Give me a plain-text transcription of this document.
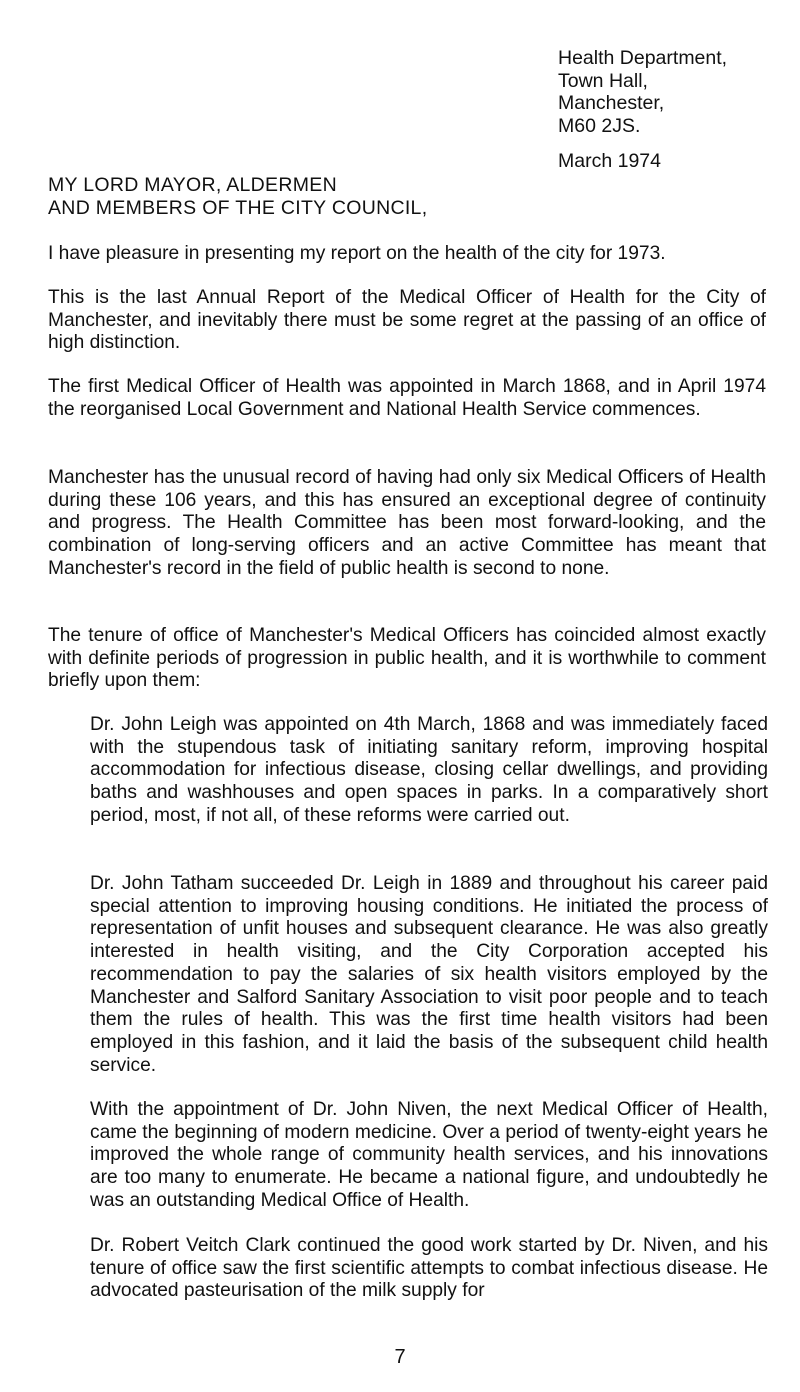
Health Department,
Town Hall,
Manchester,
M60 2JS.
March 1974
MY LORD MAYOR, ALDERMEN
AND MEMBERS OF THE CITY COUNCIL,

I have pleasure in presenting my report on the health of the city for 1973.

This is the last Annual Report of the Medical Officer of Health for the City of Manchester, and inevitably there must be some regret at the passing of an office of high distinction.

The first Medical Officer of Health was appointed in March 1868, and in April 1974 the reorganised Local Government and National Health Service commences.

Manchester has the unusual record of having had only six Medical Officers of Health during these 106 years, and this has ensured an exceptional degree of continuity and progress. The Health Committee has been most forward-looking, and the combination of long-serving officers and an active Committee has meant that Manchester's record in the field of public health is second to none.

The tenure of office of Manchester's Medical Officers has coincided almost exactly with definite periods of progression in public health, and it is worthwhile to comment briefly upon them:

Dr. John Leigh was appointed on 4th March, 1868 and was immediately faced with the stupendous task of initiating sanitary reform, improving hospital accommodation for infectious disease, closing cellar dwellings, and providing baths and washhouses and open spaces in parks. In a comparatively short period, most, if not all, of these reforms were carried out.

Dr. John Tatham succeeded Dr. Leigh in 1889 and throughout his career paid special attention to improving housing conditions. He initiated the process of representation of unfit houses and subsequent clearance. He was also greatly interested in health visiting, and the City Corporation accepted his recommendation to pay the salaries of six health visitors employed by the Manchester and Salford Sanitary Association to visit poor people and to teach them the rules of health. This was the first time health visitors had been employed in this fashion, and it laid the basis of the subsequent child health service.

With the appointment of Dr. John Niven, the next Medical Officer of Health, came the beginning of modern medicine. Over a period of twenty-eight years he improved the whole range of community health services, and his innovations are too many to enumerate. He became a national figure, and undoubtedly he was an outstanding Medical Office of Health.

Dr. Robert Veitch Clark continued the good work started by Dr. Niven, and his tenure of office saw the first scientific attempts to combat infectious disease. He advocated pasteurisation of the milk supply for

7
